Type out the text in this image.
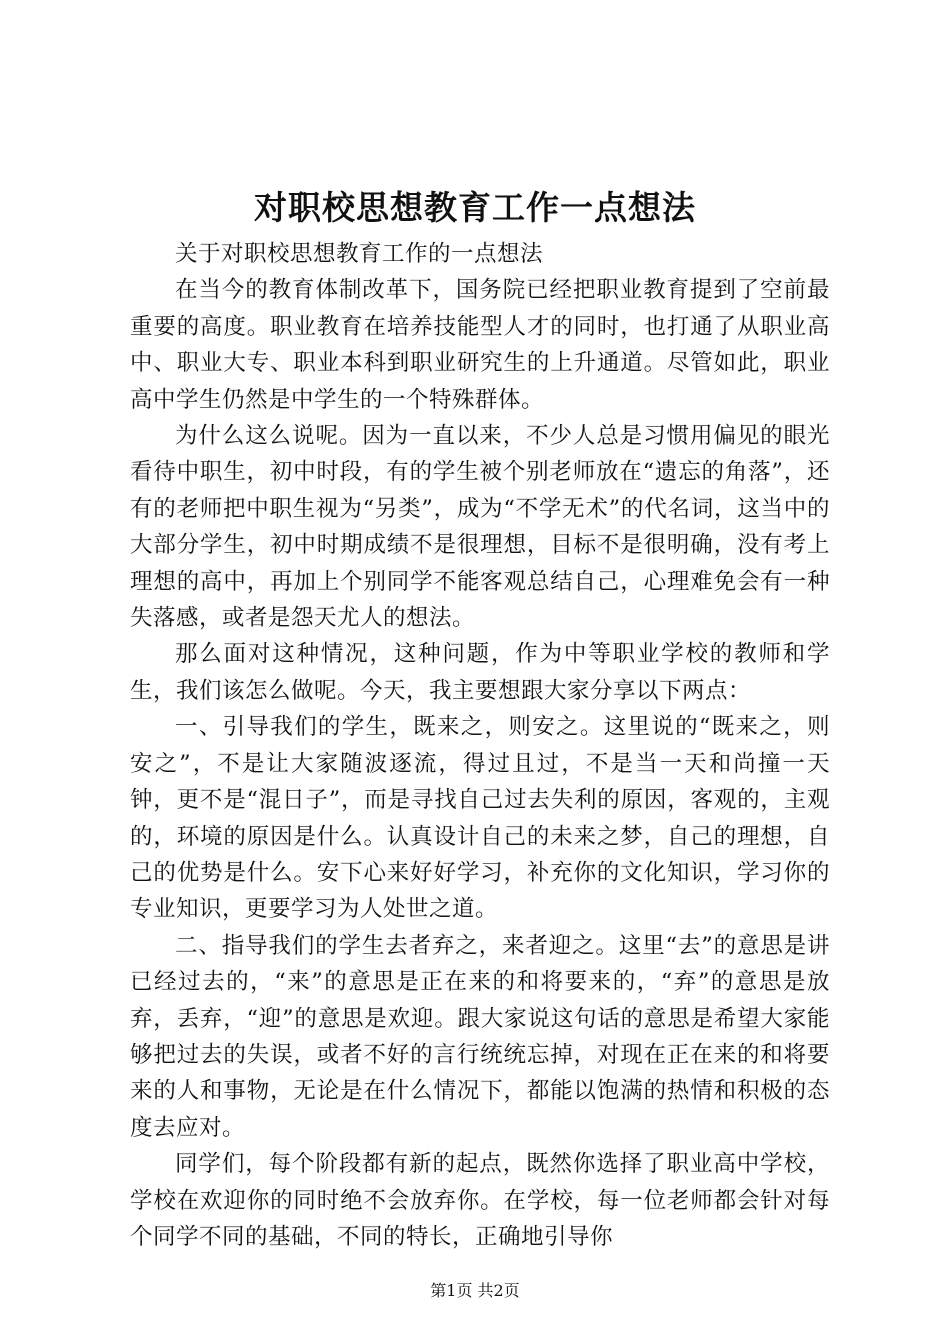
对职校思想教育工作一点想法

关于对职校思想教育工作的一点想法

在当今的教育体制改革下，国务院已经把职业教育提到了空前最重要的高度。职业教育在培养技能型人才的同时，也打通了从职业高中、职业大专、职业本科到职业研究生的上升通道。尽管如此，职业高中学生仍然是中学生的一个特殊群体。

为什么这么说呢。因为一直以来，不少人总是习惯用偏见的眼光看待中职生，初中时段，有的学生被个别老师放在“遗忘的角落”，还有的老师把中职生视为“另类”，成为“不学无术”的代名词，这当中的大部分学生，初中时期成绩不是很理想，目标不是很明确，没有考上理想的高中，再加上个别同学不能客观总结自己，心理难免会有一种失落感，或者是怨天尤人的想法。

那么面对这种情况，这种问题，作为中等职业学校的教师和学生，我们该怎么做呢。今天，我主要想跟大家分享以下两点：

一、引导我们的学生，既来之，则安之。这里说的“既来之，则安之”，不是让大家随波逐流，得过且过，不是当一天和尚撞一天钟，更不是“混日子”，而是寻找自己过去失利的原因，客观的，主观的，环境的原因是什么。认真设计自己的未来之梦，自己的理想，自己的优势是什么。安下心来好好学习，补充你的文化知识，学习你的专业知识，更要学习为人处世之道。

二、指导我们的学生去者弃之，来者迎之。这里“去”的意思是讲已经过去的，“来”的意思是正在来的和将要来的，“弃”的意思是放弃，丢弃，“迎”的意思是欢迎。跟大家说这句话的意思是希望大家能够把过去的失误，或者不好的言行统统忘掉，对现在正在来的和将要来的人和事物，无论是在什么情况下，都能以饱满的热情和积极的态度去应对。

同学们，每个阶段都有新的起点，既然你选择了职业高中学校，学校在欢迎你的同时绝不会放弃你。在学校，每一位老师都会针对每个同学不同的基础，不同的特长，正确地引导你

第1页 共2页
